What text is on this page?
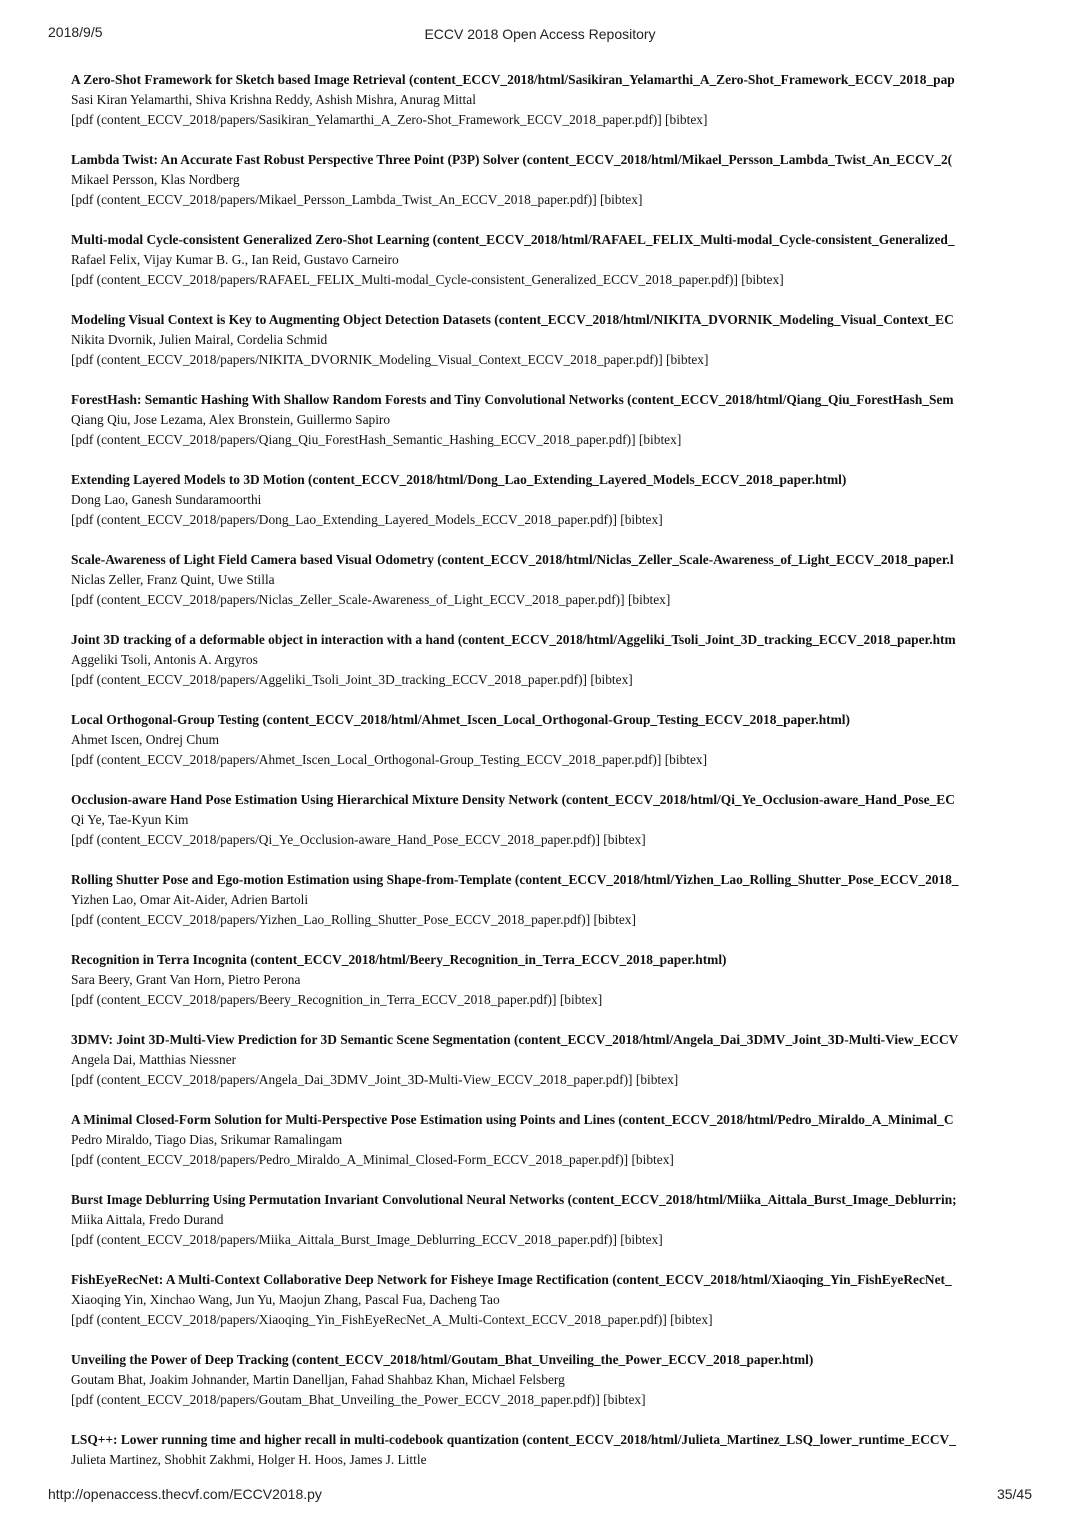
2018/9/5	ECCV 2018 Open Access Repository
A Zero-Shot Framework for Sketch based Image Retrieval (content_ECCV_2018/html/Sasikiran_Yelamarthi_A_Zero-Shot_Framework_ECCV_2018_pap
Sasi Kiran Yelamarthi, Shiva Krishna Reddy, Ashish Mishra, Anurag Mittal
[pdf (content_ECCV_2018/papers/Sasikiran_Yelamarthi_A_Zero-Shot_Framework_ECCV_2018_paper.pdf)] [bibtex]
Lambda Twist: An Accurate Fast Robust Perspective Three Point (P3P) Solver (content_ECCV_2018/html/Mikael_Persson_Lambda_Twist_An_ECCV_2(
Mikael Persson, Klas Nordberg
[pdf (content_ECCV_2018/papers/Mikael_Persson_Lambda_Twist_An_ECCV_2018_paper.pdf)] [bibtex]
Multi-modal Cycle-consistent Generalized Zero-Shot Learning (content_ECCV_2018/html/RAFAEL_FELIX_Multi-modal_Cycle-consistent_Generalized_
Rafael Felix, Vijay Kumar B. G., Ian Reid, Gustavo Carneiro
[pdf (content_ECCV_2018/papers/RAFAEL_FELIX_Multi-modal_Cycle-consistent_Generalized_ECCV_2018_paper.pdf)] [bibtex]
Modeling Visual Context is Key to Augmenting Object Detection Datasets (content_ECCV_2018/html/NIKITA_DVORNIK_Modeling_Visual_Context_EC
Nikita Dvornik, Julien Mairal, Cordelia Schmid
[pdf (content_ECCV_2018/papers/NIKITA_DVORNIK_Modeling_Visual_Context_ECCV_2018_paper.pdf)] [bibtex]
ForestHash: Semantic Hashing With Shallow Random Forests and Tiny Convolutional Networks (content_ECCV_2018/html/Qiang_Qiu_ForestHash_Sem
Qiang Qiu, Jose Lezama, Alex Bronstein, Guillermo Sapiro
[pdf (content_ECCV_2018/papers/Qiang_Qiu_ForestHash_Semantic_Hashing_ECCV_2018_paper.pdf)] [bibtex]
Extending Layered Models to 3D Motion (content_ECCV_2018/html/Dong_Lao_Extending_Layered_Models_ECCV_2018_paper.html)
Dong Lao, Ganesh Sundaramoorthi
[pdf (content_ECCV_2018/papers/Dong_Lao_Extending_Layered_Models_ECCV_2018_paper.pdf)] [bibtex]
Scale-Awareness of Light Field Camera based Visual Odometry (content_ECCV_2018/html/Niclas_Zeller_Scale-Awareness_of_Light_ECCV_2018_paper.l
Niclas Zeller, Franz Quint, Uwe Stilla
[pdf (content_ECCV_2018/papers/Niclas_Zeller_Scale-Awareness_of_Light_ECCV_2018_paper.pdf)] [bibtex]
Joint 3D tracking of a deformable object in interaction with a hand (content_ECCV_2018/html/Aggeliki_Tsoli_Joint_3D_tracking_ECCV_2018_paper.htm
Aggeliki Tsoli, Antonis A. Argyros
[pdf (content_ECCV_2018/papers/Aggeliki_Tsoli_Joint_3D_tracking_ECCV_2018_paper.pdf)] [bibtex]
Local Orthogonal-Group Testing (content_ECCV_2018/html/Ahmet_Iscen_Local_Orthogonal-Group_Testing_ECCV_2018_paper.html)
Ahmet Iscen, Ondrej Chum
[pdf (content_ECCV_2018/papers/Ahmet_Iscen_Local_Orthogonal-Group_Testing_ECCV_2018_paper.pdf)] [bibtex]
Occlusion-aware Hand Pose Estimation Using Hierarchical Mixture Density Network (content_ECCV_2018/html/Qi_Ye_Occlusion-aware_Hand_Pose_EC
Qi Ye, Tae-Kyun Kim
[pdf (content_ECCV_2018/papers/Qi_Ye_Occlusion-aware_Hand_Pose_ECCV_2018_paper.pdf)] [bibtex]
Rolling Shutter Pose and Ego-motion Estimation using Shape-from-Template (content_ECCV_2018/html/Yizhen_Lao_Rolling_Shutter_Pose_ECCV_2018_
Yizhen Lao, Omar Ait-Aider, Adrien Bartoli
[pdf (content_ECCV_2018/papers/Yizhen_Lao_Rolling_Shutter_Pose_ECCV_2018_paper.pdf)] [bibtex]
Recognition in Terra Incognita (content_ECCV_2018/html/Beery_Recognition_in_Terra_ECCV_2018_paper.html)
Sara Beery, Grant Van Horn, Pietro Perona
[pdf (content_ECCV_2018/papers/Beery_Recognition_in_Terra_ECCV_2018_paper.pdf)] [bibtex]
3DMV: Joint 3D-Multi-View Prediction for 3D Semantic Scene Segmentation (content_ECCV_2018/html/Angela_Dai_3DMV_Joint_3D-Multi-View_ECCV
Angela Dai, Matthias Niessner
[pdf (content_ECCV_2018/papers/Angela_Dai_3DMV_Joint_3D-Multi-View_ECCV_2018_paper.pdf)] [bibtex]
A Minimal Closed-Form Solution for Multi-Perspective Pose Estimation using Points and Lines (content_ECCV_2018/html/Pedro_Miraldo_A_Minimal_C
Pedro Miraldo, Tiago Dias, Srikumar Ramalingam
[pdf (content_ECCV_2018/papers/Pedro_Miraldo_A_Minimal_Closed-Form_ECCV_2018_paper.pdf)] [bibtex]
Burst Image Deblurring Using Permutation Invariant Convolutional Neural Networks (content_ECCV_2018/html/Miika_Aittala_Burst_Image_Deblurrin;
Miika Aittala, Fredo Durand
[pdf (content_ECCV_2018/papers/Miika_Aittala_Burst_Image_Deblurring_ECCV_2018_paper.pdf)] [bibtex]
FishEyeRecNet: A Multi-Context Collaborative Deep Network for Fisheye Image Rectification (content_ECCV_2018/html/Xiaoqing_Yin_FishEyeRecNet_
Xiaoqing Yin, Xinchao Wang, Jun Yu, Maojun Zhang, Pascal Fua, Dacheng Tao
[pdf (content_ECCV_2018/papers/Xiaoqing_Yin_FishEyeRecNet_A_Multi-Context_ECCV_2018_paper.pdf)] [bibtex]
Unveiling the Power of Deep Tracking (content_ECCV_2018/html/Goutam_Bhat_Unveiling_the_Power_ECCV_2018_paper.html)
Goutam Bhat, Joakim Johnander, Martin Danelljan, Fahad Shahbaz Khan, Michael Felsberg
[pdf (content_ECCV_2018/papers/Goutam_Bhat_Unveiling_the_Power_ECCV_2018_paper.pdf)] [bibtex]
LSQ++: Lower running time and higher recall in multi-codebook quantization (content_ECCV_2018/html/Julieta_Martinez_LSQ_lower_runtime_ECCV_
Julieta Martinez, Shobhit Zakhmi, Holger H. Hoos, James J. Little
http://openaccess.thecvf.com/ECCV2018.py	35/45
